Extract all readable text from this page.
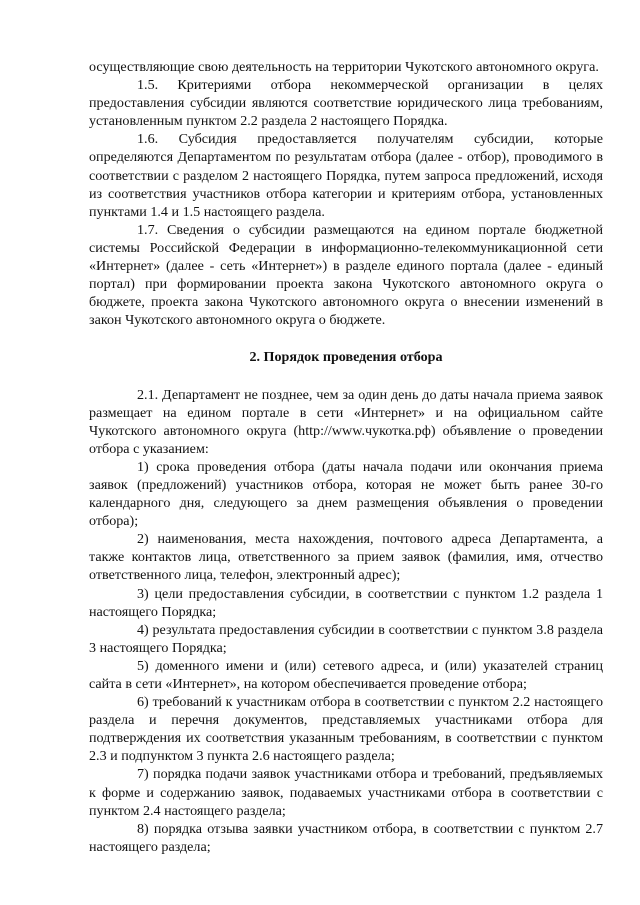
осуществляющие свою деятельность на территории Чукотского автономного округа.

1.5. Критериями отбора некоммерческой организации в целях предоставления субсидии являются соответствие юридического лица требованиям, установленным пунктом 2.2 раздела 2 настоящего Порядка.

1.6. Субсидия предоставляется получателям субсидии, которые определяются Департаментом по результатам отбора (далее - отбор), проводимого в соответствии с разделом 2 настоящего Порядка, путем запроса предложений, исходя из соответствия участников отбора категории и критериям отбора, установленных пунктами 1.4 и 1.5 настоящего раздела.

1.7. Сведения о субсидии размещаются на едином портале бюджетной системы Российской Федерации в информационно-телекоммуникационной сети «Интернет» (далее - сеть «Интернет») в разделе единого портала (далее - единый портал) при формировании проекта закона Чукотского автономного округа о бюджете, проекта закона Чукотского автономного округа о внесении изменений в закон Чукотского автономного округа о бюджете.

2. Порядок проведения отбора

2.1. Департамент не позднее, чем за один день до даты начала приема заявок размещает на едином портале в сети «Интернет» и на официальном сайте Чукотского автономного округа (http://www.чукотка.рф) объявление о проведении отбора с указанием:

1) срока проведения отбора (даты начала подачи или окончания приема заявок (предложений) участников отбора, которая не может быть ранее 30-го календарного дня, следующего за днем размещения объявления о проведении отбора);

2) наименования, места нахождения, почтового адреса Департамента, а также контактов лица, ответственного за прием заявок (фамилия, имя, отчество ответственного лица, телефон, электронный адрес);

3) цели предоставления субсидии, в соответствии с пунктом 1.2 раздела 1 настоящего Порядка;

4) результата предоставления субсидии в соответствии с пунктом 3.8 раздела 3 настоящего Порядка;

5) доменного имени и (или) сетевого адреса, и (или) указателей страниц сайта в сети «Интернет», на котором обеспечивается проведение отбора;

6) требований к участникам отбора в соответствии с пунктом 2.2 настоящего раздела и перечня документов, представляемых участниками отбора для подтверждения их соответствия указанным требованиям, в соответствии с пунктом 2.3 и подпунктом 3 пункта 2.6 настоящего раздела;

7) порядка подачи заявок участниками отбора и требований, предъявляемых к форме и содержанию заявок, подаваемых участниками отбора в соответствии с пунктом 2.4 настоящего раздела;

8) порядка отзыва заявки участником отбора, в соответствии с пунктом 2.7 настоящего раздела;
